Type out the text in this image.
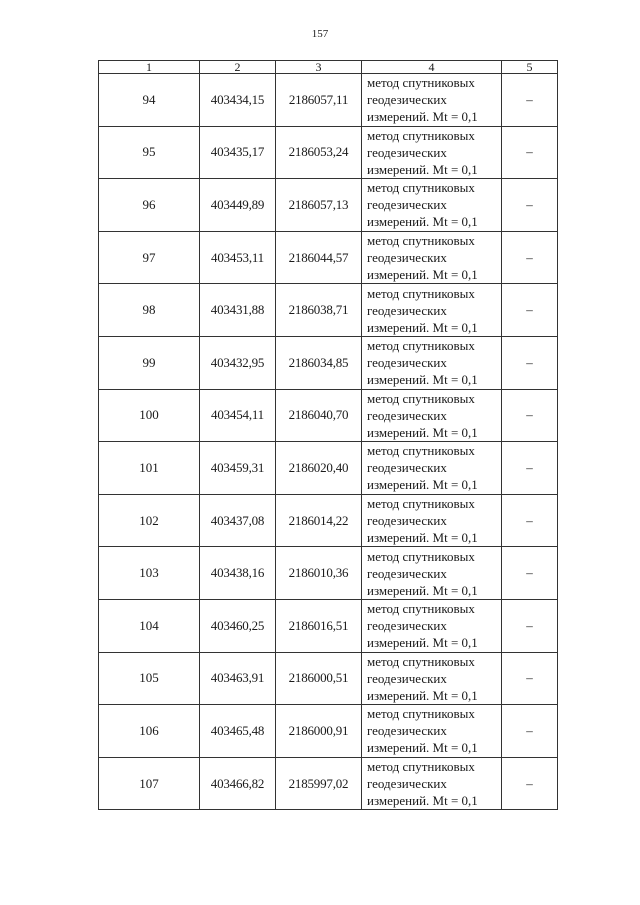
157
1	2	3	4	5
94	403434,15	2186057,11	метод спутниковых
геодезических
измерений. Mt = 0,1	–
95	403435,17	2186053,24	метод спутниковых
геодезических
измерений. Mt = 0,1	–
96	403449,89	2186057,13	метод спутниковых
геодезических
измерений. Mt = 0,1	–
97	403453,11	2186044,57	метод спутниковых
геодезических
измерений. Mt = 0,1	–
98	403431,88	2186038,71	метод спутниковых
геодезических
измерений. Mt = 0,1	–
99	403432,95	2186034,85	метод спутниковых
геодезических
измерений. Mt = 0,1	–
100	403454,11	2186040,70	метод спутниковых
геодезических
измерений. Mt = 0,1	–
101	403459,31	2186020,40	метод спутниковых
геодезических
измерений. Mt = 0,1	–
102	403437,08	2186014,22	метод спутниковых
геодезических
измерений. Mt = 0,1	–
103	403438,16	2186010,36	метод спутниковых
геодезических
измерений. Mt = 0,1	–
104	403460,25	2186016,51	метод спутниковых
геодезических
измерений. Mt = 0,1	–
105	403463,91	2186000,51	метод спутниковых
геодезических
измерений. Mt = 0,1	–
106	403465,48	2186000,91	метод спутниковых
геодезических
измерений. Mt = 0,1	–
107	403466,82	2185997,02	метод спутниковых
геодезических
измерений. Mt = 0,1	–
